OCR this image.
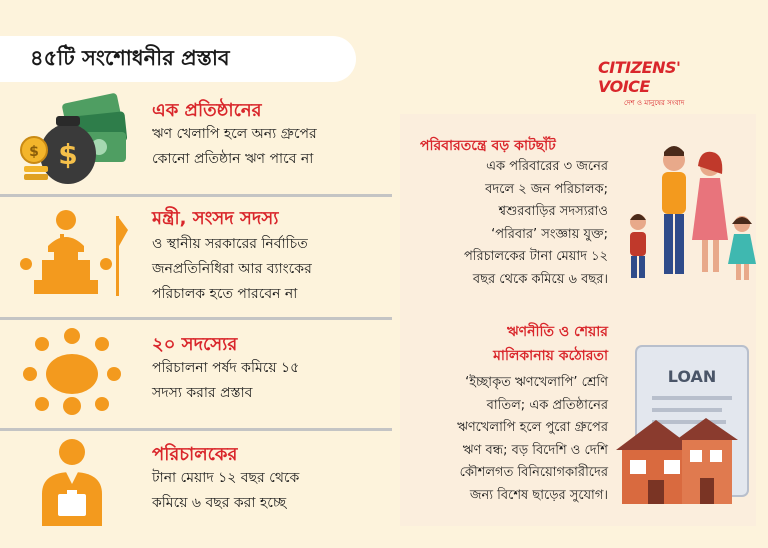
৪৫টি সংশোধনীর প্রস্তাব	CITIZENS' VOICE
দেশ ও মানুষের সংবাদ
$
$
এক প্রতিষ্ঠানের
ঋণ খেলাপি হলে অন্য গ্রুপের
কোনো প্রতিষ্ঠান ঋণ পাবে না
মন্ত্রী, সংসদ সদস্য
ও স্থানীয় সরকারের নির্বাচিত
জনপ্রতিনিধিরা আর ব্যাংকের
পরিচালক হতে পারবেন না
২০ সদস্যের
পরিচালনা পর্ষদ কমিয়ে ১৫
সদস্য করার প্রস্তাব
পরিচালকের
টানা মেয়াদ ১২ বছর থেকে
কমিয়ে ৬ বছর করা হচ্ছে
পরিবারতন্ত্রে বড় কাটছাঁট
এক পরিবারের ৩ জনের
বদলে ২ জন পরিচালক;
শ্বশুরবাড়ির সদস্যরাও
‘পরিবার’ সংজ্ঞায় যুক্ত;
পরিচালকের টানা মেয়াদ ১২
বছর থেকে কমিয়ে ৬ বছর।
ঋণনীতি ও শেয়ার
মালিকানায় কঠোরতা
‘ইচ্ছাকৃত ঋণখেলাপি’ শ্রেণি
বাতিল; এক প্রতিষ্ঠানের
ঋণখেলাপি হলে পুরো গ্রুপের
ঋণ বন্ধ; বড় বিদেশি ও দেশি
কৌশলগত বিনিয়োগকারীদের
জন্য বিশেষ ছাড়ের সুযোগ।
LOAN
